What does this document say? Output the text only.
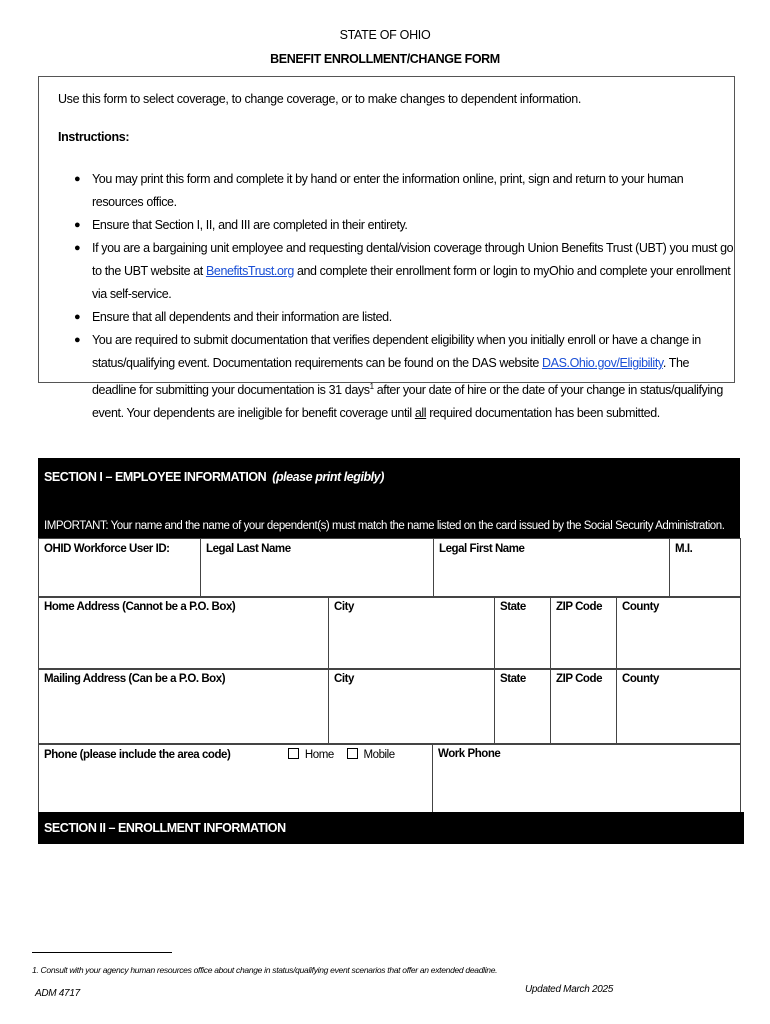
STATE OF OHIO
BENEFIT ENROLLMENT/CHANGE FORM
Use this form to select coverage, to change coverage, or to make changes to dependent information.
Instructions:
● You may print this form and complete it by hand or enter the information online, print, sign and return to your human resources office.
● Ensure that Section I, II, and III are completed in their entirety.
● If you are a bargaining unit employee and requesting dental/vision coverage through Union Benefits Trust (UBT) you must go to the UBT website at BenefitsTrust.org and complete their enrollment form or login to myOhio and complete your enrollment via self-service.
● Ensure that all dependents and their information are listed.
● You are required to submit documentation that verifies dependent eligibility when you initially enroll or have a change in status/qualifying event. Documentation requirements can be found on the DAS website DAS.Ohio.gov/Eligibility. The deadline for submitting your documentation is 31 days$^1$ after your date of hire or the date of your change in status/qualifying event. Your dependents are ineligible for benefit coverage until all required documentation has been submitted.
SECTION I – EMPLOYEE INFORMATION (please print legibly)
IMPORTANT: Your name and the name of your dependent(s) must match the name listed on the card issued by the Social Security Administration.
OHID Workforce User ID:	Legal Last Name	Legal First Name	M.I.
Home Address (Cannot be a P.O. Box)	City	State	ZIP Code	County
Mailing Address (Can be a P.O. Box)	City	State	ZIP Code	County
Phone (please include the area code)	Home	Mobile	Work Phone
SECTION II – ENROLLMENT INFORMATION
1. Consult with your agency human resources office about change in status/qualifying event scenarios that offer an extended deadline.
ADM 4717	Updated March 2025
